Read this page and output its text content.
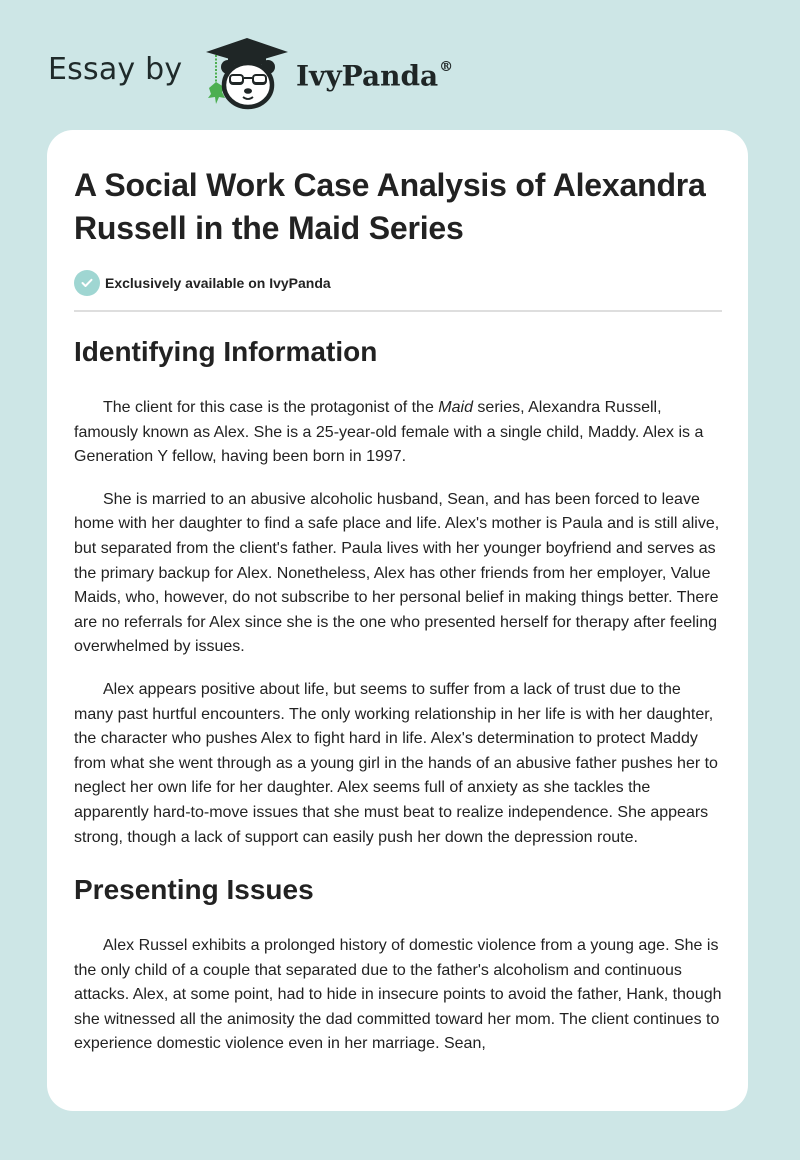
Essay by	IvyPanda®
A Social Work Case Analysis of Alexandra Russell in the Maid Series
Exclusively available on IvyPanda
Identifying Information

The client for this case is the protagonist of the Maid series, Alexandra Russell, famously known as Alex. She is a 25-year-old female with a single child, Maddy. Alex is a Generation Y fellow, having been born in 1997.

She is married to an abusive alcoholic husband, Sean, and has been forced to leave home with her daughter to find a safe place and life. Alex's mother is Paula and is still alive, but separated from the client's father. Paula lives with her younger boyfriend and serves as the primary backup for Alex. Nonetheless, Alex has other friends from her employer, Value Maids, who, however, do not subscribe to her personal belief in making things better. There are no referrals for Alex since she is the one who presented herself for therapy after feeling overwhelmed by issues.

Alex appears positive about life, but seems to suffer from a lack of trust due to the many past hurtful encounters. The only working relationship in her life is with her daughter, the character who pushes Alex to fight hard in life. Alex's determination to protect Maddy from what she went through as a young girl in the hands of an abusive father pushes her to neglect her own life for her daughter. Alex seems full of anxiety as she tackles the apparently hard-to-move issues that she must beat to realize independence. She appears strong, though a lack of support can easily push her down the depression route.

Presenting Issues

Alex Russel exhibits a prolonged history of domestic violence from a young age. She is the only child of a couple that separated due to the father's alcoholism and continuous attacks. Alex, at some point, had to hide in insecure points to avoid the father, Hank, though she witnessed all the animosity the dad committed toward her mom. The client continues to experience domestic violence even in her marriage. Sean,
